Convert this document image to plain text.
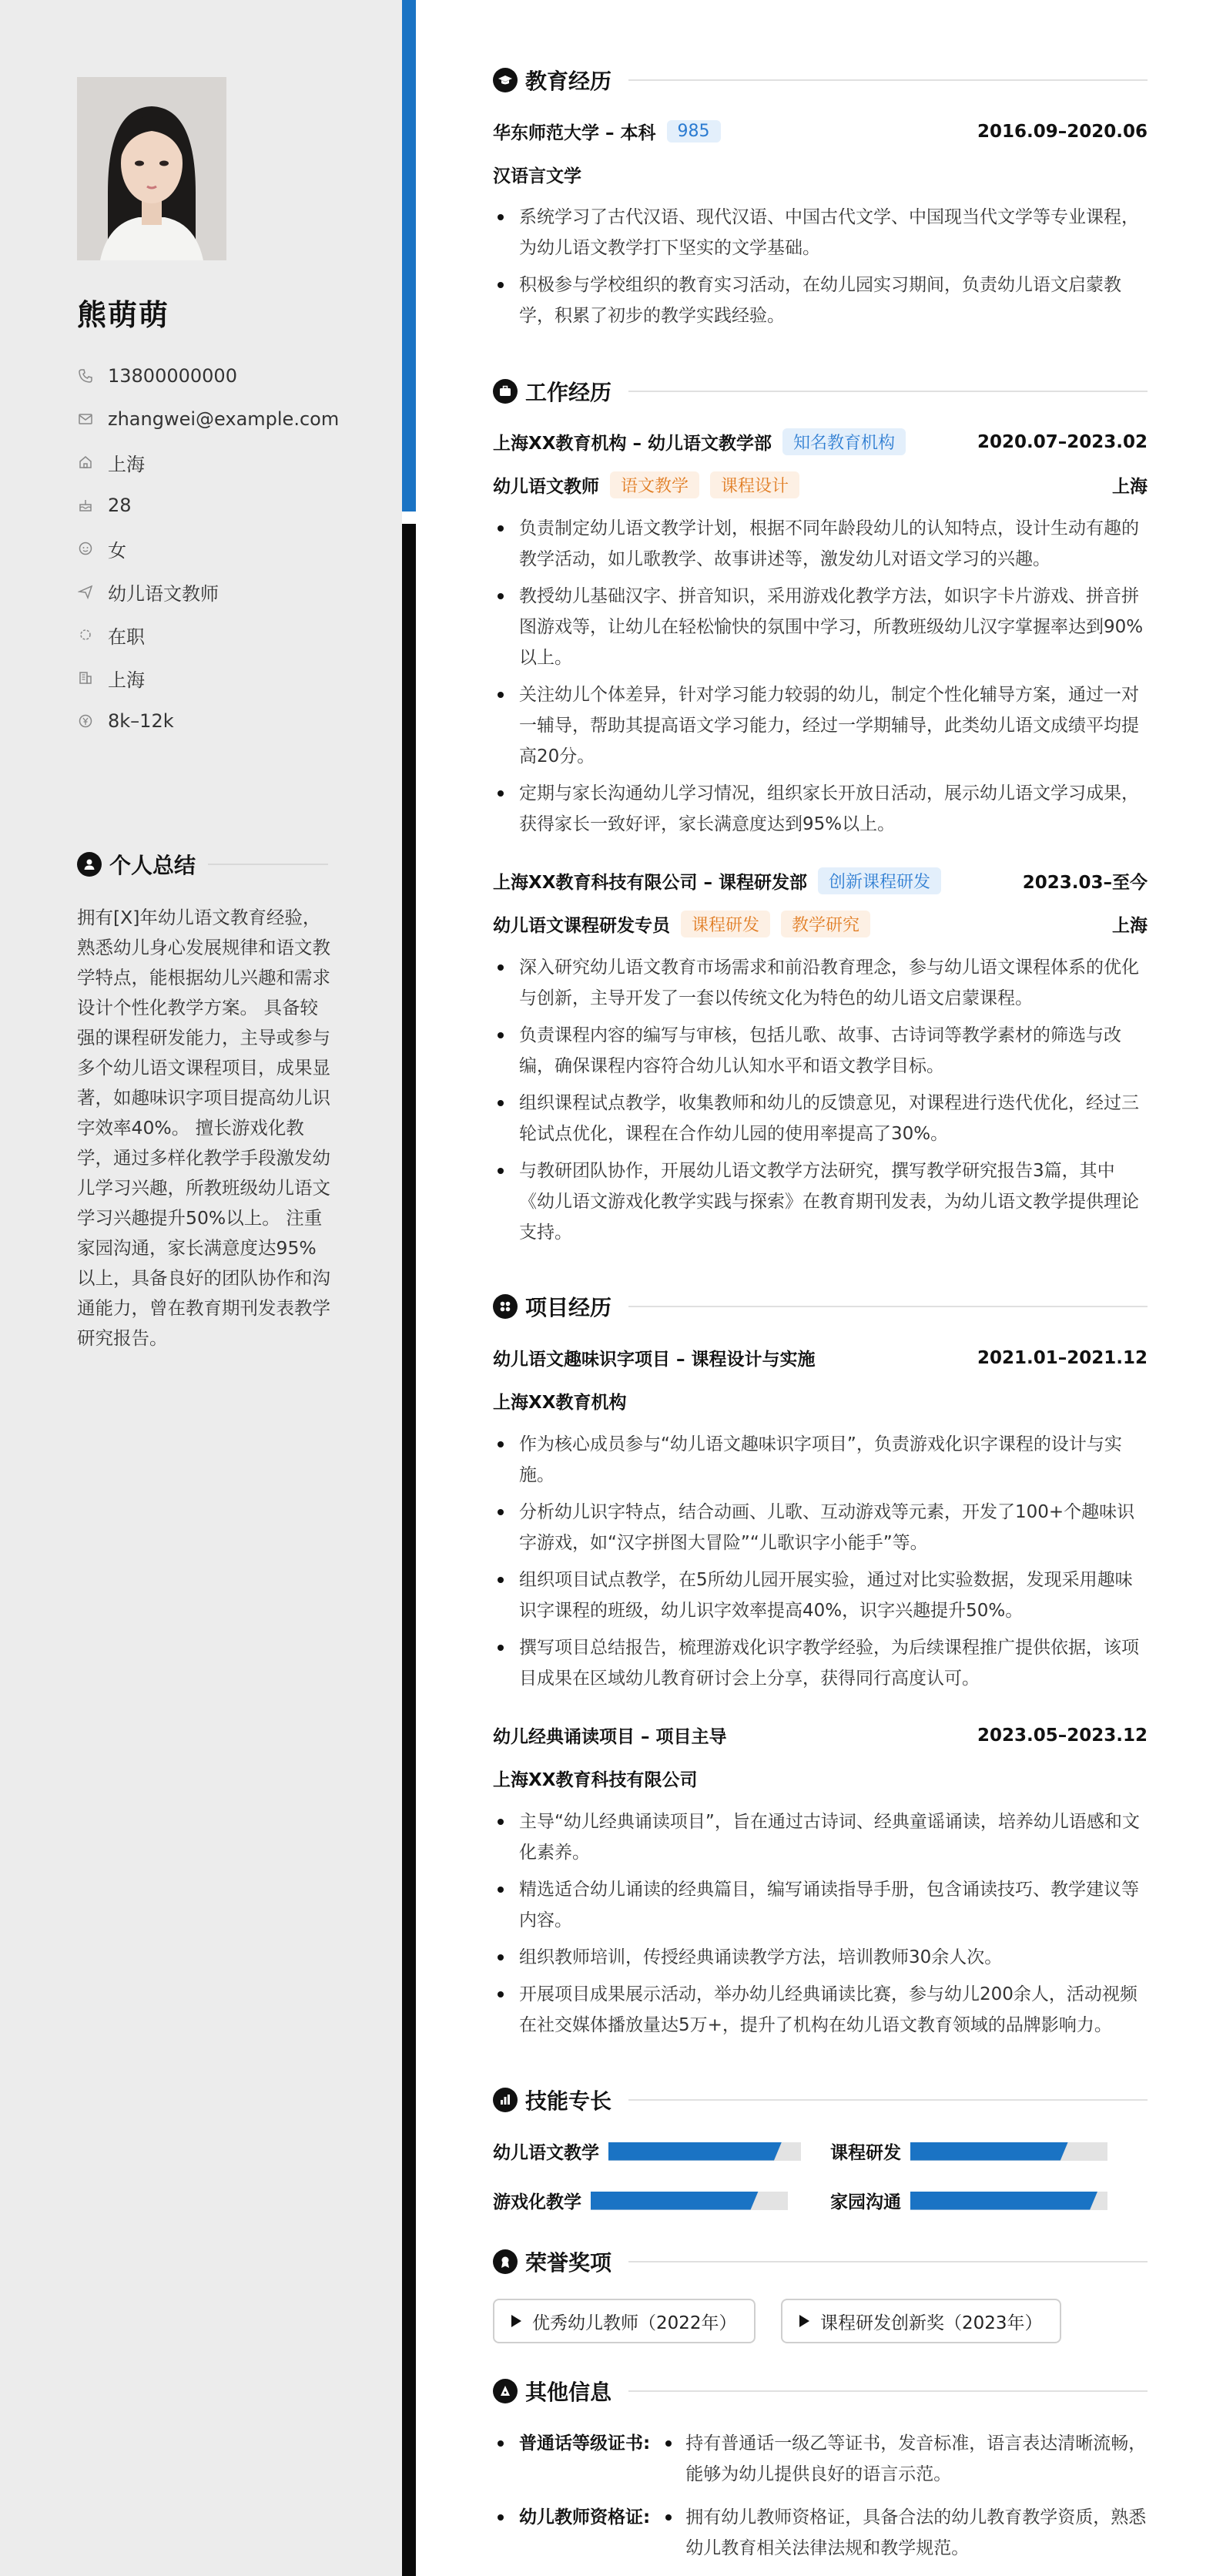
熊萌萌
13800000000
zhangwei@example.com
上海
28
女
幼儿语文教师
在职
上海
8k–12k
个人总结
拥有[X]年幼儿语文教育经验，熟悉幼儿身心发展规律和语文教学特点，能根据幼儿兴趣和需求设计个性化教学方案。 具备较强的课程研发能力，主导或参与多个幼儿语文课程项目，成果显著，如趣味识字项目提高幼儿识字效率40%。 擅长游戏化教学，通过多样化教学手段激发幼儿学习兴趣，所教班级幼儿语文学习兴趣提升50%以上。 注重家园沟通，家长满意度达95%以上，具备良好的团队协作和沟通能力，曾在教育期刊发表教学研究报告。
教育经历
华东师范大学 – 本科	985	2016.09–2020.06
汉语言文学
系统学习了古代汉语、现代汉语、中国古代文学、中国现当代文学等专业课程，为幼儿语文教学打下坚实的文学基础。
积极参与学校组织的教育实习活动，在幼儿园实习期间，负责幼儿语文启蒙教学，积累了初步的教学实践经验。
工作经历
上海XX教育机构 – 幼儿语文教学部	知名教育机构	2020.07–2023.02
幼儿语文教师	语文教学	课程设计	上海
负责制定幼儿语文教学计划，根据不同年龄段幼儿的认知特点，设计生动有趣的教学活动，如儿歌教学、故事讲述等，激发幼儿对语文学习的兴趣。
教授幼儿基础汉字、拼音知识，采用游戏化教学方法，如识字卡片游戏、拼音拼图游戏等，让幼儿在轻松愉快的氛围中学习，所教班级幼儿汉字掌握率达到90%以上。
关注幼儿个体差异，针对学习能力较弱的幼儿，制定个性化辅导方案，通过一对一辅导，帮助其提高语文学习能力，经过一学期辅导，此类幼儿语文成绩平均提高20分。
定期与家长沟通幼儿学习情况，组织家长开放日活动，展示幼儿语文学习成果，获得家长一致好评，家长满意度达到95%以上。
上海XX教育科技有限公司 – 课程研发部	创新课程研发	2023.03–至今
幼儿语文课程研发专员	课程研发	教学研究	上海
深入研究幼儿语文教育市场需求和前沿教育理念，参与幼儿语文课程体系的优化与创新，主导开发了一套以传统文化为特色的幼儿语文启蒙课程。
负责课程内容的编写与审核，包括儿歌、故事、古诗词等教学素材的筛选与改编，确保课程内容符合幼儿认知水平和语文教学目标。
组织课程试点教学，收集教师和幼儿的反馈意见，对课程进行迭代优化，经过三轮试点优化，课程在合作幼儿园的使用率提高了30%。
与教研团队协作，开展幼儿语文教学方法研究，撰写教学研究报告3篇，其中《幼儿语文游戏化教学实践与探索》在教育期刊发表，为幼儿语文教学提供理论支持。
项目经历
幼儿语文趣味识字项目 – 课程设计与实施	2021.01–2021.12
上海XX教育机构
作为核心成员参与“幼儿语文趣味识字项目”，负责游戏化识字课程的设计与实施。
分析幼儿识字特点，结合动画、儿歌、互动游戏等元素，开发了100+个趣味识字游戏，如“汉字拼图大冒险”“儿歌识字小能手”等。
组织项目试点教学，在5所幼儿园开展实验，通过对比实验数据，发现采用趣味识字课程的班级，幼儿识字效率提高40%，识字兴趣提升50%。
撰写项目总结报告，梳理游戏化识字教学经验，为后续课程推广提供依据，该项目成果在区域幼儿教育研讨会上分享，获得同行高度认可。
幼儿经典诵读项目 – 项目主导	2023.05–2023.12
上海XX教育科技有限公司
主导“幼儿经典诵读项目”，旨在通过古诗词、经典童谣诵读，培养幼儿语感和文化素养。
精选适合幼儿诵读的经典篇目，编写诵读指导手册，包含诵读技巧、教学建议等内容。
组织教师培训，传授经典诵读教学方法，培训教师30余人次。
开展项目成果展示活动，举办幼儿经典诵读比赛，参与幼儿200余人，活动视频在社交媒体播放量达5万+，提升了机构在幼儿语文教育领域的品牌影响力。
技能专长
幼儿语文教学	课程研发
游戏化教学	家园沟通
荣誉奖项
优秀幼儿教师（2022年）	课程研发创新奖（2023年）
其他信息
普通话等级证书:	持有普通话一级乙等证书，发音标准，语言表达清晰流畅，能够为幼儿提供良好的语言示范。
幼儿教师资格证:	拥有幼儿教师资格证，具备合法的幼儿教育教学资质，熟悉幼儿教育相关法律法规和教学规范。
